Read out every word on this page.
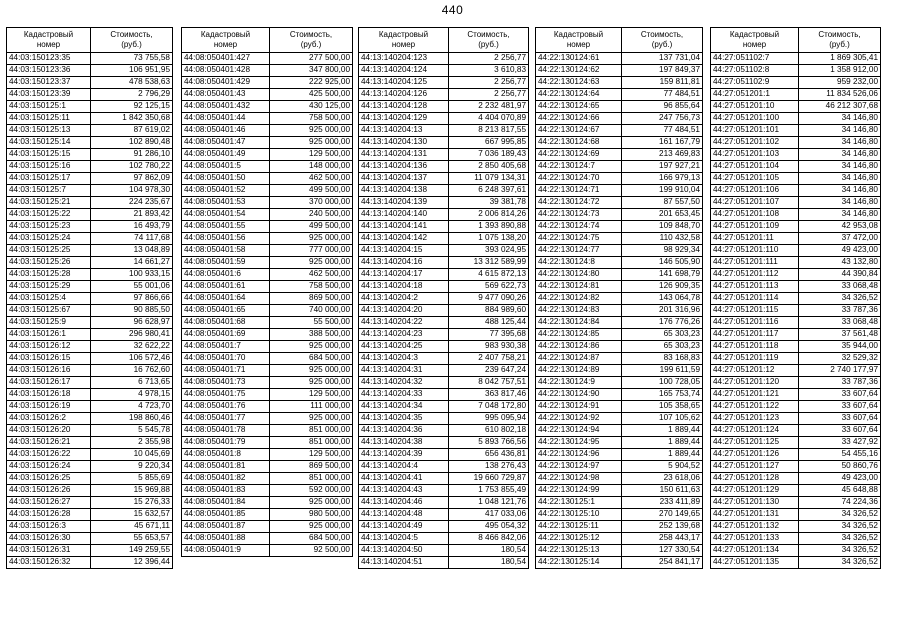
440
Кадастровый
номер	Стоимость,
(руб.)

44:03:150123:35	73 755,58
44:03:150123:36	106 951,95
44:03:150123:37	478 538,63
44:03:150123:39	2 796,29
44:03:150125:1	92 125,15
44:03:150125:11	1 842 350,68
44:03:150125:13	87 619,02
44:03:150125:14	102 890,48
44:03:150125:15	91 286,10
44:03:150125:16	102 780,22
44:03:150125:17	97 862,09
44:03:150125:7	104 978,30
44:03:150125:21	224 235,67
44:03:150125:22	21 893,42
44:03:150125:23	16 493,79
44:03:150125:24	74 117,68
44:03:150125:25	13 048,89
44:03:150125:26	14 661,27
44:03:150125:28	100 933,15
44:03:150125:29	55 001,06
44:03:150125:4	97 866,66
44:03:150125:67	90 885,50
44:03:150125:9	96 628,97
44:03:150126:1	296 980,41
44:03:150126:12	32 622,22
44:03:150126:15	106 572,46
44:03:150126:16	16 762,60
44:03:150126:17	6 713,65
44:03:150126:18	4 978,15
44:03:150126:19	4 723,70
44:03:150126:2	198 860,46
44:03:150126:20	5 545,78
44:03:150126:21	2 355,98
44:03:150126:22	10 045,69
44:03:150126:24	9 220,34
44:03:150126:25	5 855,69
44:03:150126:26	15 969,88
44:03:150126:27	15 276,33
44:03:150126:28	15 632,57
44:03:150126:3	45 671,11
44:03:150126:30	55 653,57
44:03:150126:31	149 259,55
44:03:150126:32	12 396,44
Кадастровый
номер	Стоимость,
(руб.)

44:08:050401:427	277 500,00
44:08:050401:428	347 800,00
44:08:050401:429	222 925,00
44:08:050401:43	425 500,00
44:08:050401:432	430 125,00
44:08:050401:44	758 500,00
44:08:050401:46	925 000,00
44:08:050401:47	925 000,00
44:08:050401:49	129 500,00
44:08:050401:5	148 000,00
44:08:050401:50	462 500,00
44:08:050401:52	499 500,00
44:08:050401:53	370 000,00
44:08:050401:54	240 500,00
44:08:050401:55	499 500,00
44:08:050401:56	925 000,00
44:08:050401:58	777 000,00
44:08:050401:59	925 000,00
44:08:050401:6	462 500,00
44:08:050401:61	758 500,00
44:08:050401:64	869 500,00
44:08:050401:65	740 000,00
44:08:050401:68	55 500,00
44:08:050401:69	388 500,00
44:08:050401:7	925 000,00
44:08:050401:70	684 500,00
44:08:050401:71	925 000,00
44:08:050401:73	925 000,00
44:08:050401:75	129 500,00
44:08:050401:76	111 000,00
44:08:050401:77	925 000,00
44:08:050401:78	851 000,00
44:08:050401:79	851 000,00
44:08:050401:8	129 500,00
44:08:050401:81	869 500,00
44:08:050401:82	851 000,00
44:08:050401:83	592 000,00
44:08:050401:84	925 000,00
44:08:050401:85	980 500,00
44:08:050401:87	925 000,00
44:08:050401:88	684 500,00
44:08:050401:9	92 500,00
Кадастровый
номер	Стоимость,
(руб.)

44:13:140204:123	2 256,77
44:13:140204:124	3 610,83
44:13:140204:125	2 256,77
44:13:140204:126	2 256,77
44:13:140204:128	2 232 481,97
44:13:140204:129	4 404 070,89
44:13:140204:13	8 213 817,55
44:13:140204:130	667 995,85
44:13:140204:131	7 036 189,43
44:13:140204:136	2 850 405,68
44:13:140204:137	11 079 134,31
44:13:140204:138	6 248 397,61
44:13:140204:139	39 381,78
44:13:140204:140	2 006 814,26
44:13:140204:141	1 393 890,88
44:13:140204:142	1 075 138,20
44:13:140204:15	393 024,95
44:13:140204:16	13 312 589,99
44:13:140204:17	4 615 872,13
44:13:140204:18	569 622,73
44:13:140204:2	9 477 090,26
44:13:140204:20	884 989,60
44:13:140204:22	488 125,44
44:13:140204:23	77 395,68
44:13:140204:25	983 930,38
44:13:140204:3	2 407 758,21
44:13:140204:31	239 647,24
44:13:140204:32	8 042 757,51
44:13:140204:33	363 817,46
44:13:140204:34	7 048 172,80
44:13:140204:35	995 095,94
44:13:140204:36	610 802,18
44:13:140204:38	5 893 766,56
44:13:140204:39	656 436,81
44:13:140204:4	138 276,43
44:13:140204:41	19 660 729,87
44:13:140204:43	1 753 855,49
44:13:140204:46	1 048 121,76
44:13:140204:48	417 033,06
44:13:140204:49	495 054,32
44:13:140204:5	8 466 842,06
44:13:140204:50	180,54
44:13:140204:51	180,54
Кадастровый
номер	Стоимость,
(руб.)

44:22:130124:61	137 731,04
44:22:130124:62	197 849,37
44:22:130124:63	159 811,81
44:22:130124:64	77 484,51
44:22:130124:65	96 855,64
44:22:130124:66	247 756,73
44:22:130124:67	77 484,51
44:22:130124:68	161 167,79
44:22:130124:69	213 469,83
44:22:130124:7	197 927,21
44:22:130124:70	166 979,13
44:22:130124:71	199 910,04
44:22:130124:72	87 557,50
44:22:130124:73	201 653,45
44:22:130124:74	109 848,70
44:22:130124:75	110 432,58
44:22:130124:77	98 929,34
44:22:130124:8	146 505,90
44:22:130124:80	141 698,79
44:22:130124:81	126 909,35
44:22:130124:82	143 064,78
44:22:130124:83	201 316,96
44:22:130124:84	176 776,26
44:22:130124:85	65 303,23
44:22:130124:86	65 303,23
44:22:130124:87	83 168,83
44:22:130124:89	199 611,59
44:22:130124:9	100 728,05
44:22:130124:90	165 753,74
44:22:130124:91	105 358,65
44:22:130124:92	107 105,62
44:22:130124:94	1 889,44
44:22:130124:95	1 889,44
44:22:130124:96	1 889,44
44:22:130124:97	5 904,52
44:22:130124:98	23 618,06
44:22:130124:99	150 611,63
44:22:130125:1	233 411,89
44:22:130125:10	270 149,65
44:22:130125:11	252 139,68
44:22:130125:12	258 443,17
44:22:130125:13	127 330,54
44:22:130125:14	254 841,17
Кадастровый
номер	Стоимость,
(руб.)

44:27:051102:7	1 869 305,41
44:27:051102:8	1 358 912,00
44:27:051102:9	959 232,00
44:27:051201:1	11 834 526,06
44:27:051201:10	46 212 307,68
44:27:051201:100	34 146,80
44:27:051201:101	34 146,80
44:27:051201:102	34 146,80
44:27:051201:103	34 146,80
44:27:051201:104	34 146,80
44:27:051201:105	34 146,80
44:27:051201:106	34 146,80
44:27:051201:107	34 146,80
44:27:051201:108	34 146,80
44:27:051201:109	42 953,08
44:27:051201:11	37 472,00
44:27:051201:110	49 423,00
44:27:051201:111	43 132,80
44:27:051201:112	44 390,84
44:27:051201:113	33 068,48
44:27:051201:114	34 326,52
44:27:051201:115	33 787,36
44:27:051201:116	33 068,48
44:27:051201:117	37 561,48
44:27:051201:118	35 944,00
44:27:051201:119	32 529,32
44:27:051201:12	2 740 177,97
44:27:051201:120	33 787,36
44:27:051201:121	33 607,64
44:27:051201:122	33 607,64
44:27:051201:123	33 607,64
44:27:051201:124	33 607,64
44:27:051201:125	33 427,92
44:27:051201:126	54 455,16
44:27:051201:127	50 860,76
44:27:051201:128	49 423,00
44:27:051201:129	45 648,88
44:27:051201:130	74 224,36
44:27:051201:131	34 326,52
44:27:051201:132	34 326,52
44:27:051201:133	34 326,52
44:27:051201:134	34 326,52
44:27:051201:135	34 326,52
